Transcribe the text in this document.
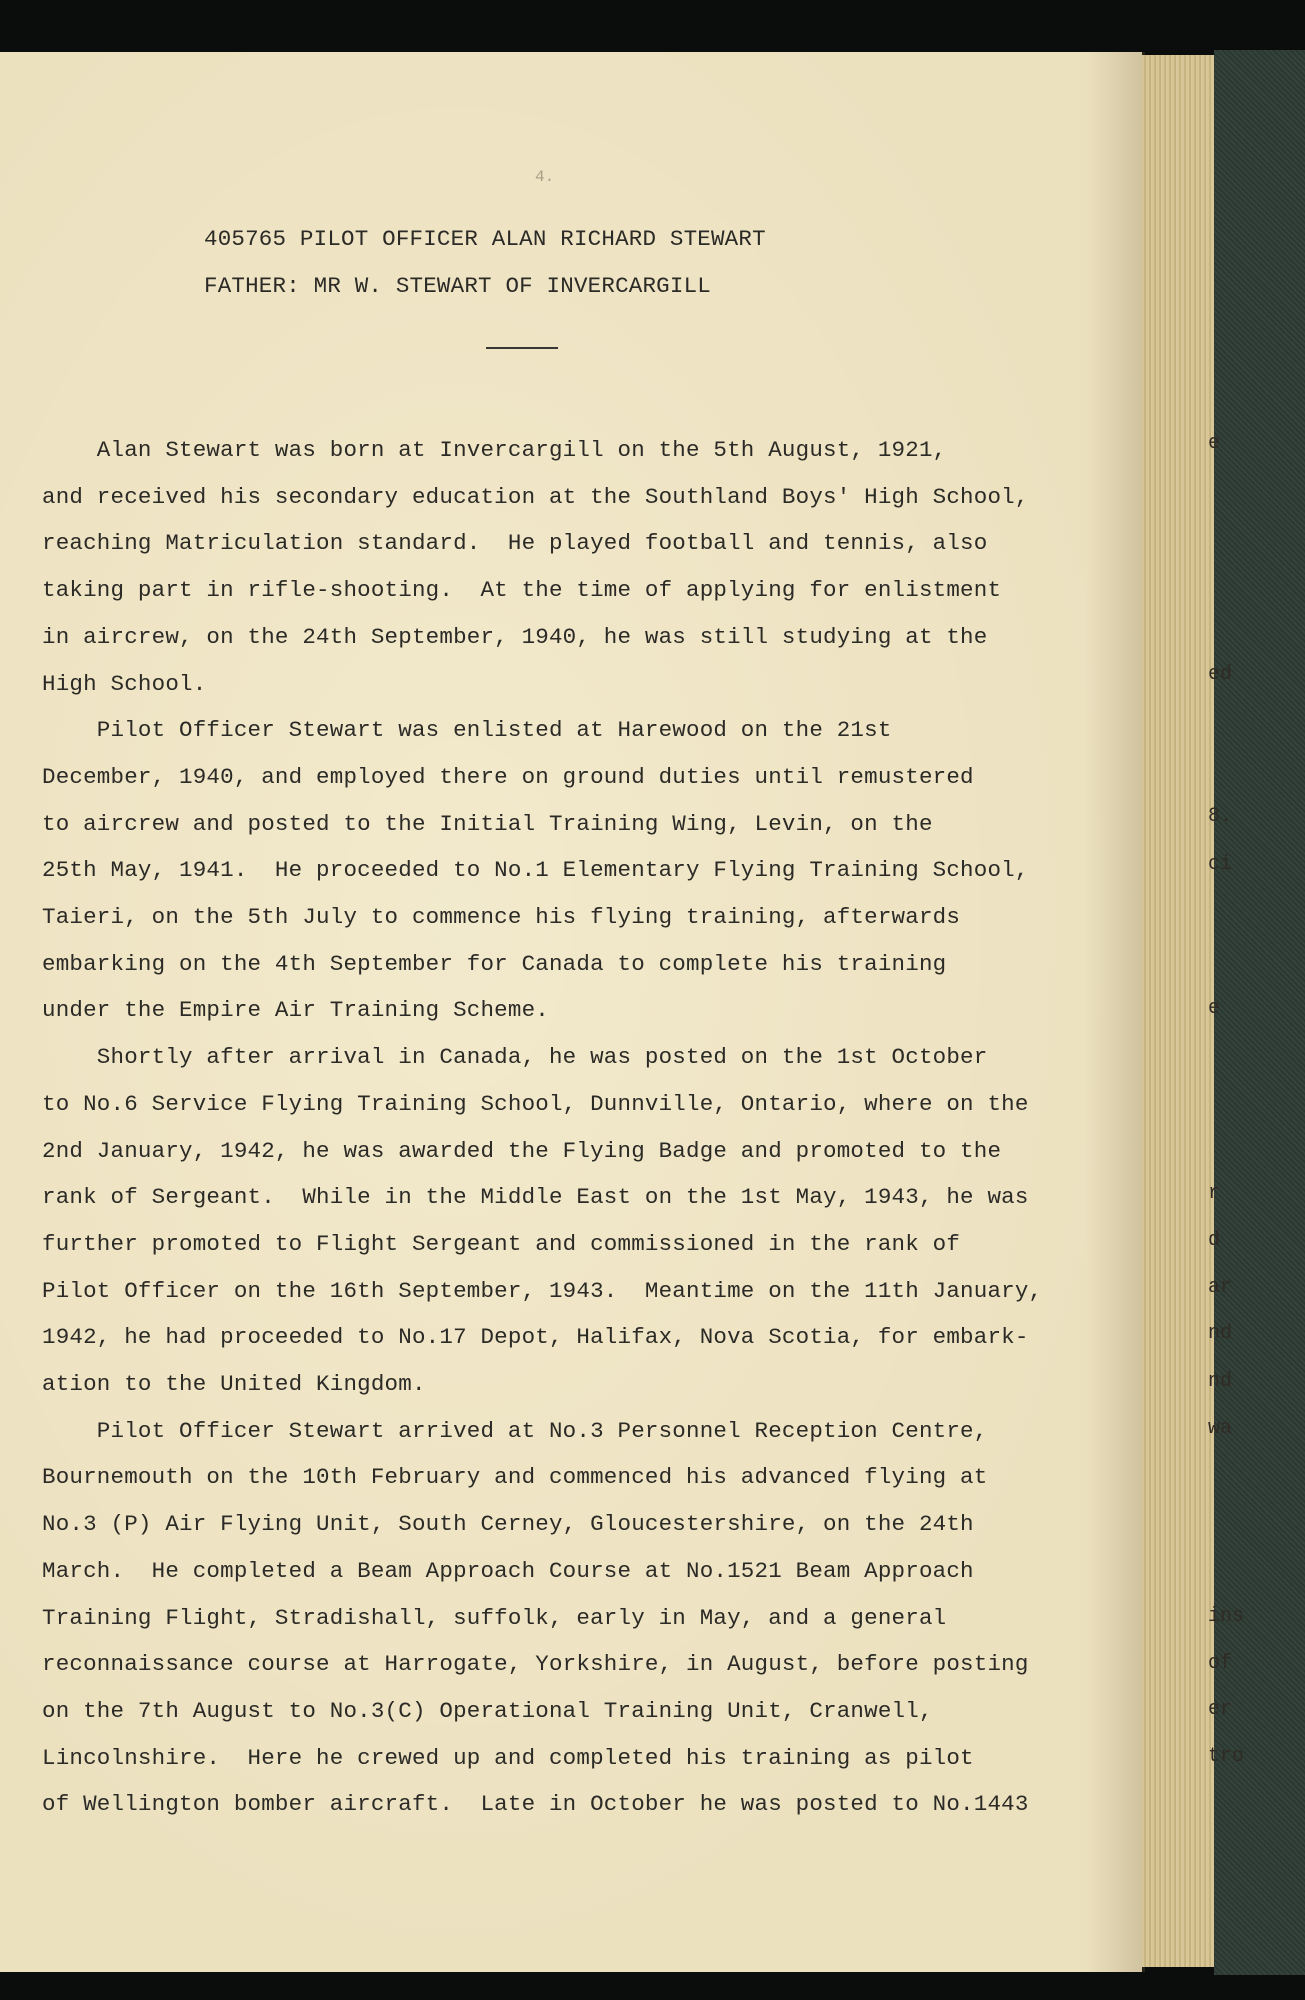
e
ed
8.
ci
e
r
d
ar
nd
nd
wa
ins
of
er
tro
4.
405765 PILOT OFFICER ALAN RICHARD STEWART
FATHER: MR W. STEWART OF INVERCARGILL
Alan Stewart was born at Invercargill on the 5th August, 1921,
and received his secondary education at the Southland Boys' High School,
reaching Matriculation standard.  He played football and tennis, also
taking part in rifle-shooting.  At the time of applying for enlistment
in aircrew, on the 24th September, 1940, he was still studying at the
High School.
Pilot Officer Stewart was enlisted at Harewood on the 21st
December, 1940, and employed there on ground duties until remustered
to aircrew and posted to the Initial Training Wing, Levin, on the
25th May, 1941.  He proceeded to No.1 Elementary Flying Training School,
Taieri, on the 5th July to commence his flying training, afterwards
embarking on the 4th September for Canada to complete his training
under the Empire Air Training Scheme.
Shortly after arrival in Canada, he was posted on the 1st October
to No.6 Service Flying Training School, Dunnville, Ontario, where on the
2nd January, 1942, he was awarded the Flying Badge and promoted to the
rank of Sergeant.  While in the Middle East on the 1st May, 1943, he was
further promoted to Flight Sergeant and commissioned in the rank of
Pilot Officer on the 16th September, 1943.  Meantime on the 11th January,
1942, he had proceeded to No.17 Depot, Halifax, Nova Scotia, for embark-
ation to the United Kingdom.
Pilot Officer Stewart arrived at No.3 Personnel Reception Centre,
Bournemouth on the 10th February and commenced his advanced flying at
No.3 (P) Air Flying Unit, South Cerney, Gloucestershire, on the 24th
March.  He completed a Beam Approach Course at No.1521 Beam Approach
Training Flight, Stradishall, suffolk, early in May, and a general
reconnaissance course at Harrogate, Yorkshire, in August, before posting
on the 7th August to No.3(C) Operational Training Unit, Cranwell,
Lincolnshire.  Here he crewed up and completed his training as pilot
of Wellington bomber aircraft.  Late in October he was posted to No.1443
